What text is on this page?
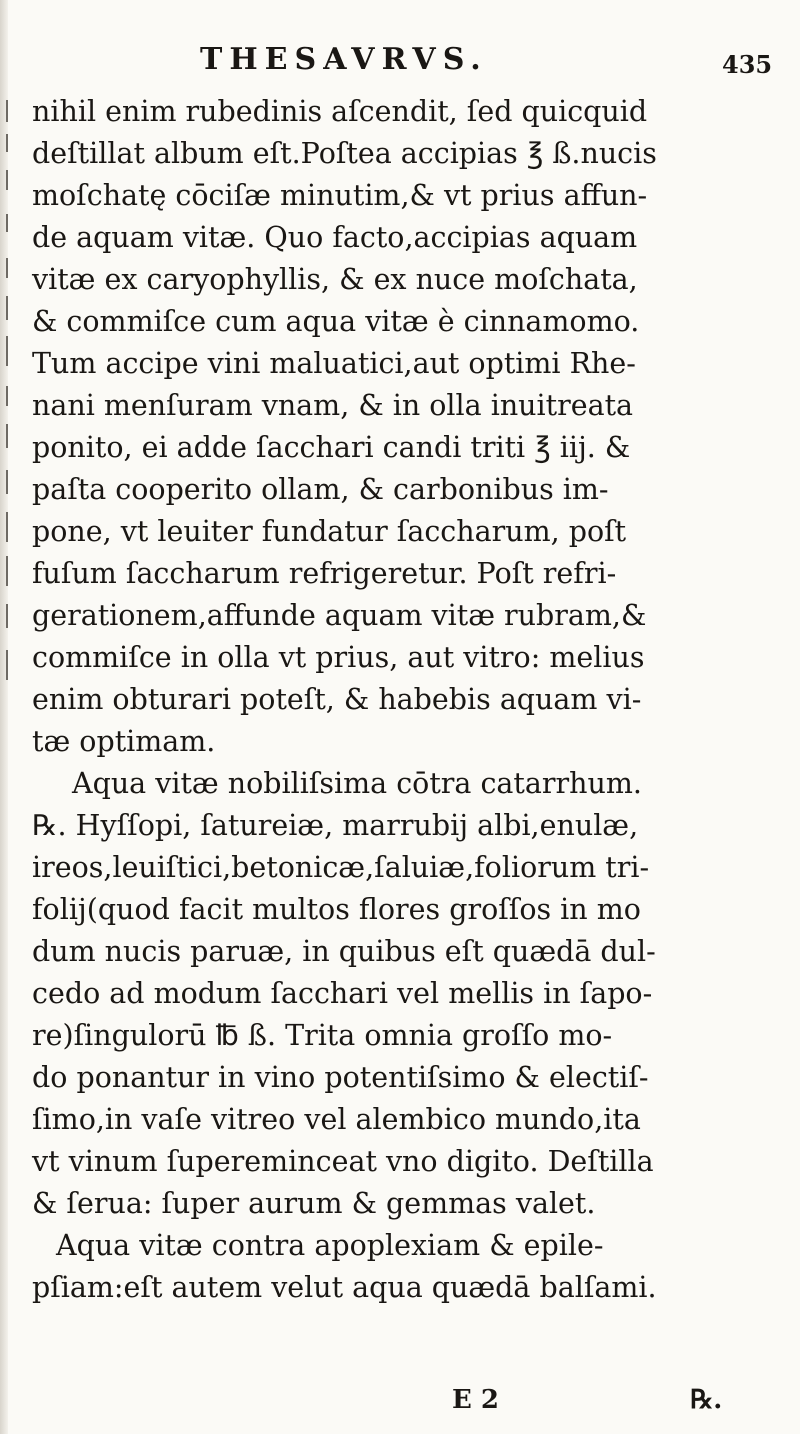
THESAVRVS.	435
nihil enim rubedinis aſcendit, ſed quicquid
deſtillat album eſt.Poſtea accipias ℥ ß.nucis
moſchatę cōciſæ minutim,& vt prius affun-
de aquam vitæ. Quo facto,accipias aquam
vitæ ex caryophyllis, & ex nuce moſchata,
& commiſce cum aqua vitæ è cinnamomo.
Tum accipe vini maluatici,aut optimi Rhe-
nani menſuram vnam, & in olla inuitreata
ponito, ei adde ſacchari candi triti ℥ iij. &
paſta cooperito ollam, & carbonibus im-
pone, vt leuiter fundatur ſaccharum, poſt
fuſum ſaccharum refrigeretur. Poſt refri-
gerationem,affunde aquam vitæ rubram,&
commiſce in olla vt prius, aut vitro: melius
enim obturari poteſt, & habebis aquam vi-
tæ optimam.
Aqua vitæ nobiliſsima cōtra catarrhum.
℞. Hyſſopi, ſatureiæ, marrubij albi,enulæ,
ireos,leuiſtici,betonicæ,ſaluiæ,foliorum tri-
folij(quod facit multos flores groſſos in mo
dum nucis paruæ, in quibus eſt quædā dul-
cedo ad modum ſacchari vel mellis in ſapo-
re)ſingulorū ℔ ß. Trita omnia groſſo mo-
do ponantur in vino potentiſsimo & electiſ-
ſimo,in vaſe vitreo vel alembico mundo,ita
vt vinum ſupereminceat vno digito. Deſtilla
& ſerua: ſuper aurum & gemmas valet.
Aqua vitæ contra apoplexiam & epile-
pſiam:eſt autem velut aqua quædā balſami.
E 2	℞.
